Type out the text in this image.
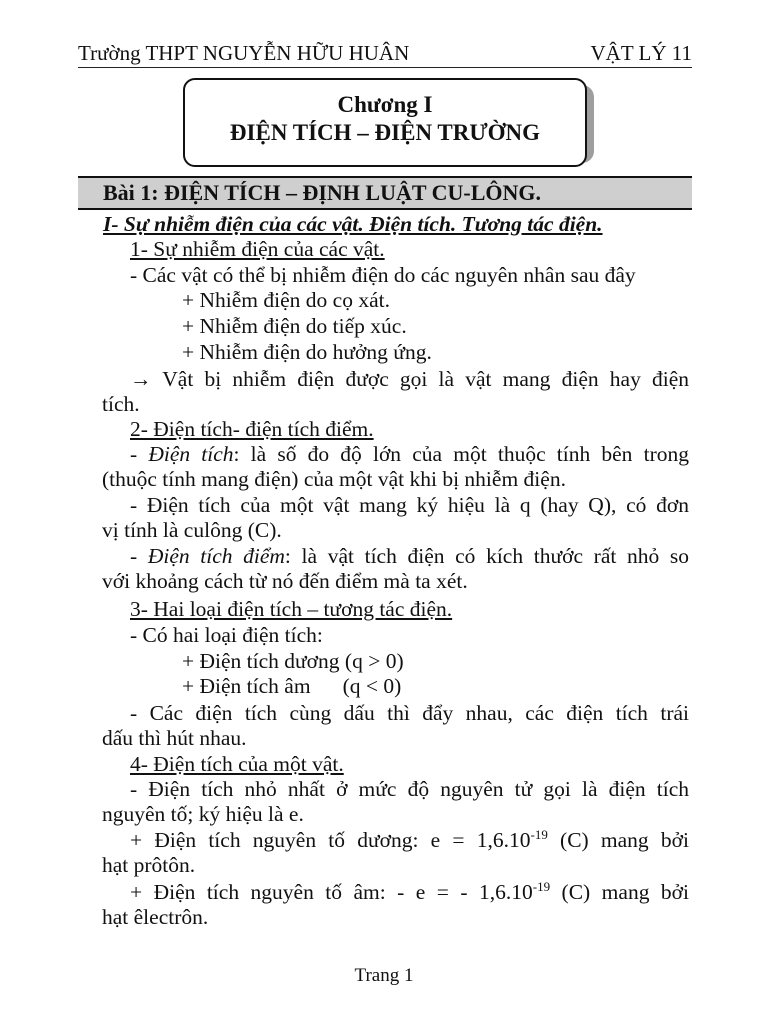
Trường THPT NGUYỄN HỮU HUÂN	VẬT LÝ 11
Chương I
ĐIỆN TÍCH – ĐIỆN TRƯỜNG
Bài 1: ĐIỆN TÍCH – ĐỊNH LUẬT CU-LÔNG.
I- Sự nhiễm điện của các vật. Điện tích. Tương tác điện.
1- Sự nhiễm điện của các vật.
- Các vật có thể bị nhiễm điện do các nguyên nhân sau đây
+ Nhiễm điện do cọ xát.
+ Nhiễm điện do tiếp xúc.
+ Nhiễm điện do hưởng ứng.
→ Vật bị nhiễm điện được gọi là vật mang điện hay điện
tích.
2- Điện tích- điện tích điểm.
- Điện tích: là số đo độ lớn của một thuộc tính bên trong
(thuộc tính mang điện) của một vật khi bị nhiễm điện.
- Điện tích của một vật mang ký hiệu là q (hay Q), có đơn
vị tính là culông (C).
- Điện tích điểm: là vật tích điện có kích thước rất nhỏ so
với khoảng cách từ nó đến điểm mà ta xét.
3- Hai loại điện tích – tương tác điện.
- Có hai loại điện tích:
+ Điện tích dương (q > 0)
+ Điện tích âm (q < 0)
- Các điện tích cùng dấu thì đẩy nhau, các điện tích trái
dấu thì hút nhau.
4- Điện tích của một vật.
- Điện tích nhỏ nhất ở mức độ nguyên tử gọi là điện tích
nguyên tố; ký hiệu là e.
+ Điện tích nguyên tố dương: $e = 1,6.10^{-19}$ (C) mang bởi
hạt prôtôn.
+ Điện tích nguyên tố âm: - e = - $1,6.10^{-19}$ (C) mang bởi
hạt êlectrôn.
Trang 1
